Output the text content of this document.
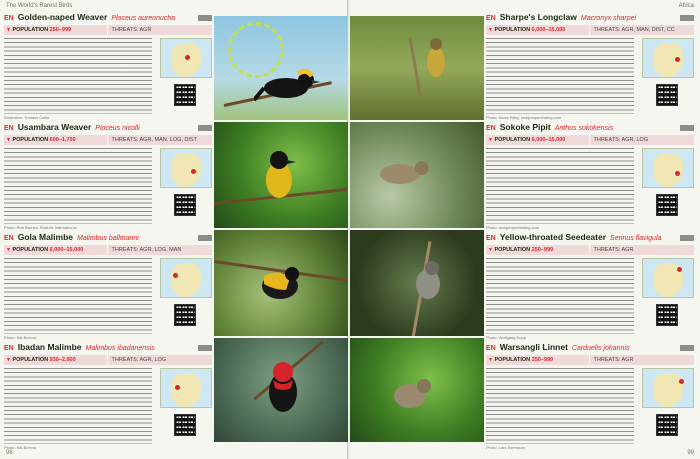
The World's Rarest Birds
EN Golden-naped Weaver Ploceus aureonucha
▼ POPULATION 250–999	THREATS: AGR
Illustration: Tomasz Cofta
EN Usambara Weaver Ploceus nicolli
▼ POPULATION 600–1,700	THREATS: AGR, MAN, LOG, DIST
Photo: Rob Barnes, BirdLife International
EN Gola Malimbe Malimbus ballmanni
▼ POPULATION 6,000–15,000	THREATS: AGR, LOG, MAN
Photo: Nik Borrow
EN Ibadan Malimbe Malimbus ibadanensis
▼ POPULATION 930–2,900	THREATS: AGR, LOG
Photo: Nik Borrow
98
Africa
EN Sharpe's Longclaw Macronyx sharpei
▼ POPULATION 6,000–15,000	THREATS: AGR, MAN, DIST, CC
Photo: Adam Riley, rockjumperbirding.com
EN Sokoke Pipit Anthus sokokensis
▼ POPULATION 6,000–15,000	THREATS: AGR, LOG
Photo: rockjumperbirding.com
EN Yellow-throated Seedeater Serinus flavigula
▼ POPULATION 250–999	THREATS: AGR
Photo: Wolfgang Kopp
EN Warsangli Linnet Carduelis johannis
▼ POPULATION 250–999	THREATS: AGR
Photo: Lars Svensson
99
